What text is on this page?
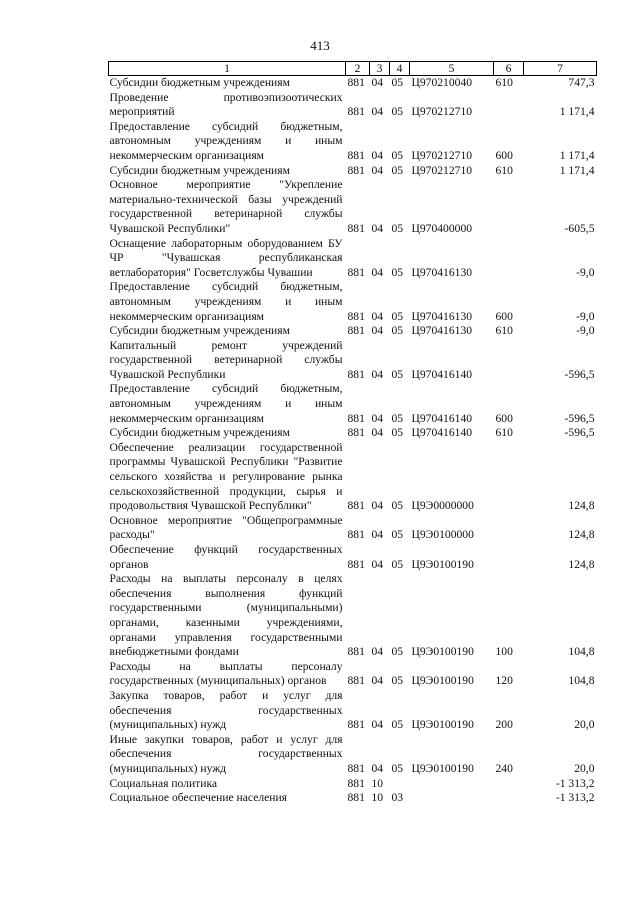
413
1	2	3	4	5	6	7
Субсидии бюджетным учреждениям	881	04	05	Ц970210040	610	747,3
Проведение противоэпизоотических мероприятий	881	04	05	Ц970212710		1 171,4
Предоставление субсидий бюджетным, автономным учреждениям и иным некоммерческим организациям	881	04	05	Ц970212710	600	1 171,4
Субсидии бюджетным учреждениям	881	04	05	Ц970212710	610	1 171,4
Основное мероприятие "Укрепление материально-технической базы учреждений государственной ветеринарной службы Чувашской Республики"	881	04	05	Ц970400000		-605,5
Оснащение лабораторным оборудованием БУ ЧР "Чувашская республиканская ветлаборатория" Госветслужбы Чувашии	881	04	05	Ц970416130		-9,0
Предоставление субсидий бюджетным, автономным учреждениям и иным некоммерческим организациям	881	04	05	Ц970416130	600	-9,0
Субсидии бюджетным учреждениям	881	04	05	Ц970416130	610	-9,0
Капитальный ремонт учреждений государственной ветеринарной службы Чувашской Республики	881	04	05	Ц970416140		-596,5
Предоставление субсидий бюджетным, автономным учреждениям и иным некоммерческим организациям	881	04	05	Ц970416140	600	-596,5
Субсидии бюджетным учреждениям	881	04	05	Ц970416140	610	-596,5
Обеспечение реализации государственной программы Чувашской Республики "Развитие сельского хозяйства и регулирование рынка сельскохозяйственной продукции, сырья и продовольствия Чувашской Республики"	881	04	05	Ц9Э0000000		124,8
Основное мероприятие "Общепрограммные расходы"	881	04	05	Ц9Э0100000		124,8
Обеспечение функций государственных органов	881	04	05	Ц9Э0100190		124,8
Расходы на выплаты персоналу в целях обеспечения выполнения функций государственными (муниципальными) органами, казенными учреждениями, органами управления государственными внебюджетными фондами	881	04	05	Ц9Э0100190	100	104,8
Расходы на выплаты персоналу государственных (муниципальных) органов	881	04	05	Ц9Э0100190	120	104,8
Закупка товаров, работ и услуг для обеспечения государственных (муниципальных) нужд	881	04	05	Ц9Э0100190	200	20,0
Иные закупки товаров, работ и услуг для обеспечения государственных (муниципальных) нужд	881	04	05	Ц9Э0100190	240	20,0
Социальная политика	881	10				-1 313,2
Социальное обеспечение населения	881	10	03			-1 313,2
